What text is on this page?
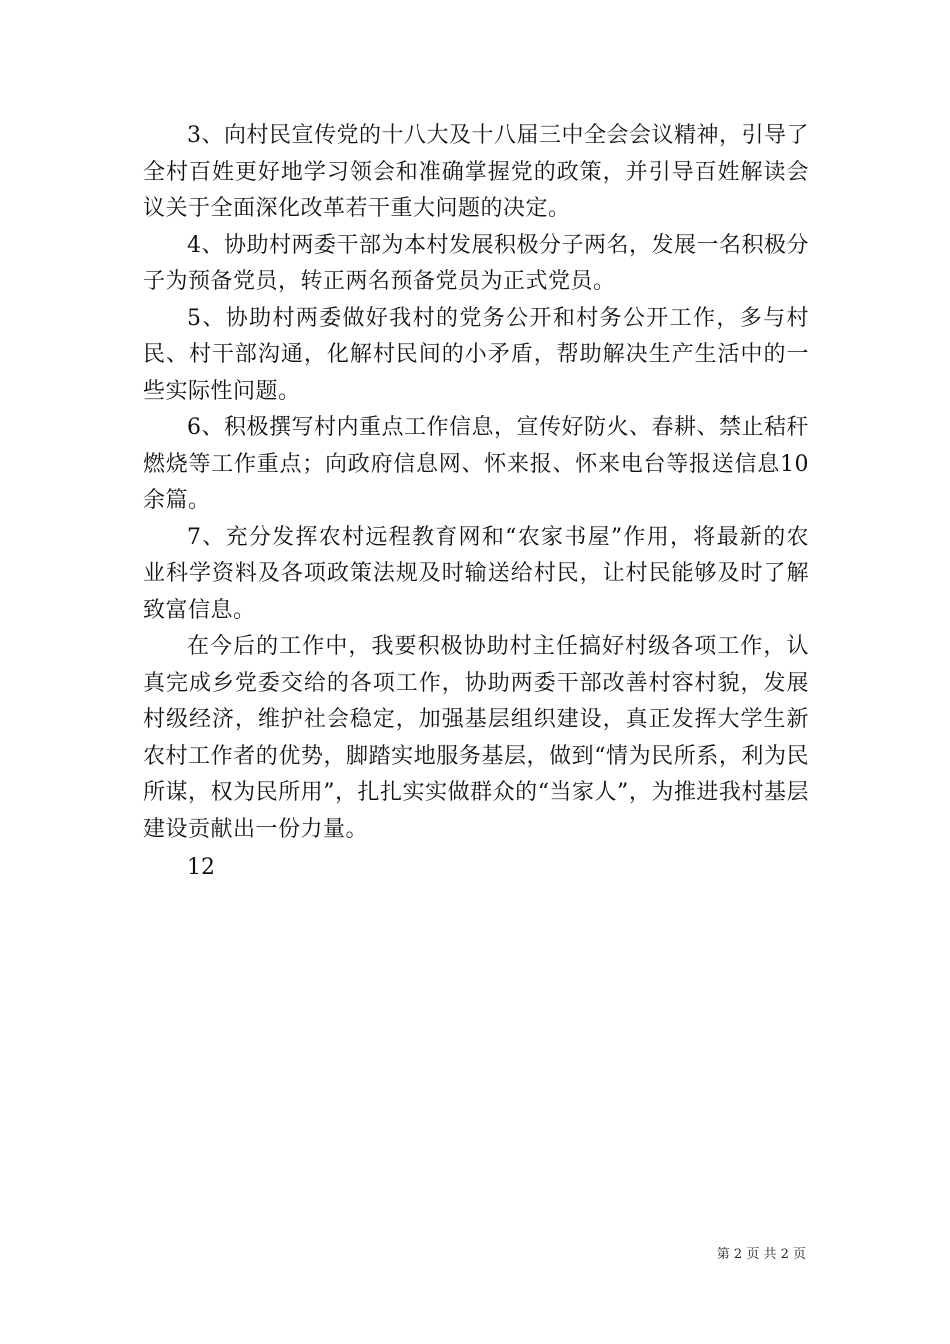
3、向村民宣传党的十八大及十八届三中全会会议精神，引导了全村百姓更好地学习领会和准确掌握党的政策，并引导百姓解读会议关于全面深化改革若干重大问题的决定。

4、协助村两委干部为本村发展积极分子两名，发展一名积极分子为预备党员，转正两名预备党员为正式党员。

5、协助村两委做好我村的党务公开和村务公开工作，多与村民、村干部沟通，化解村民间的小矛盾，帮助解决生产生活中的一些实际性问题。

6、积极撰写村内重点工作信息，宣传好防火、春耕、禁止秸秆燃烧等工作重点；向政府信息网、怀来报、怀来电台等报送信息10余篇。

7、充分发挥农村远程教育网和“农家书屋”作用，将最新的农业科学资料及各项政策法规及时输送给村民，让村民能够及时了解致富信息。

在今后的工作中，我要积极协助村主任搞好村级各项工作，认真完成乡党委交给的各项工作，协助两委干部改善村容村貌，发展村级经济，维护社会稳定，加强基层组织建设，真正发挥大学生新农村工作者的优势，脚踏实地服务基层，做到“情为民所系，利为民所谋，权为民所用”，扎扎实实做群众的“当家人”，为推进我村基层建设贡献出一份力量。

12

第 2 页 共 2 页
